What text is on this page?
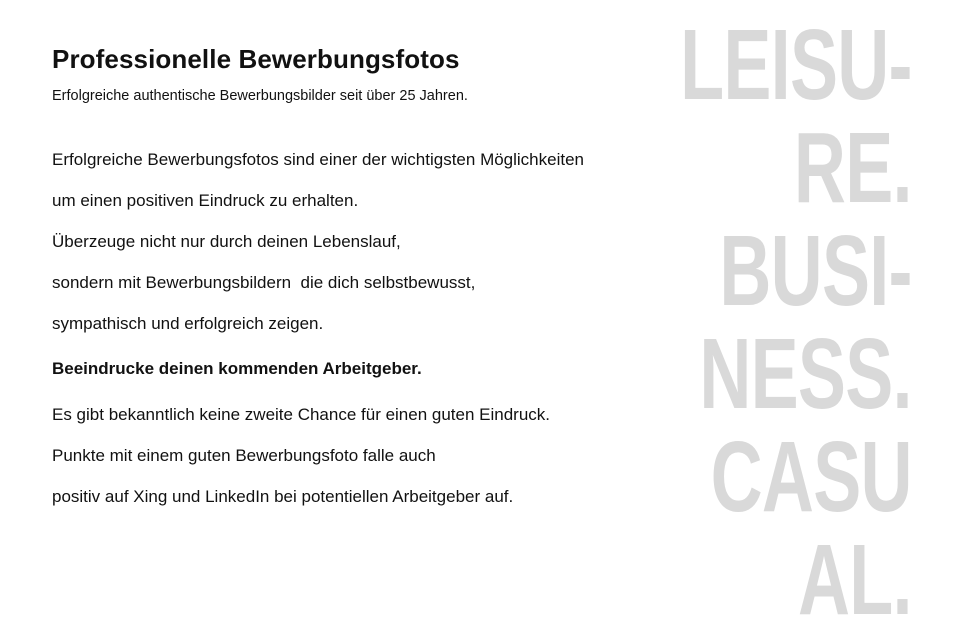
LEISU-
RE.
BUSI-
NESS.
CASU
AL.
Professionelle Bewerbungsfotos

Erfolgreiche authentische Bewerbungsbilder seit über 25 Jahren.

Erfolgreiche Bewerbungsfotos sind einer der wichtigsten Möglichkeiten
um einen positiven Eindruck zu erhalten.

Überzeuge nicht nur durch deinen Lebenslauf,
sondern mit Bewerbungsbildern  die dich selbstbewusst,
sympathisch und erfolgreich zeigen.

Beeindrucke deinen kommenden Arbeitgeber.

Es gibt bekanntlich keine zweite Chance für einen guten Eindruck.
Punkte mit einem guten Bewerbungsfoto falle auch
positiv auf Xing und LinkedIn bei potentiellen Arbeitgeber auf.
